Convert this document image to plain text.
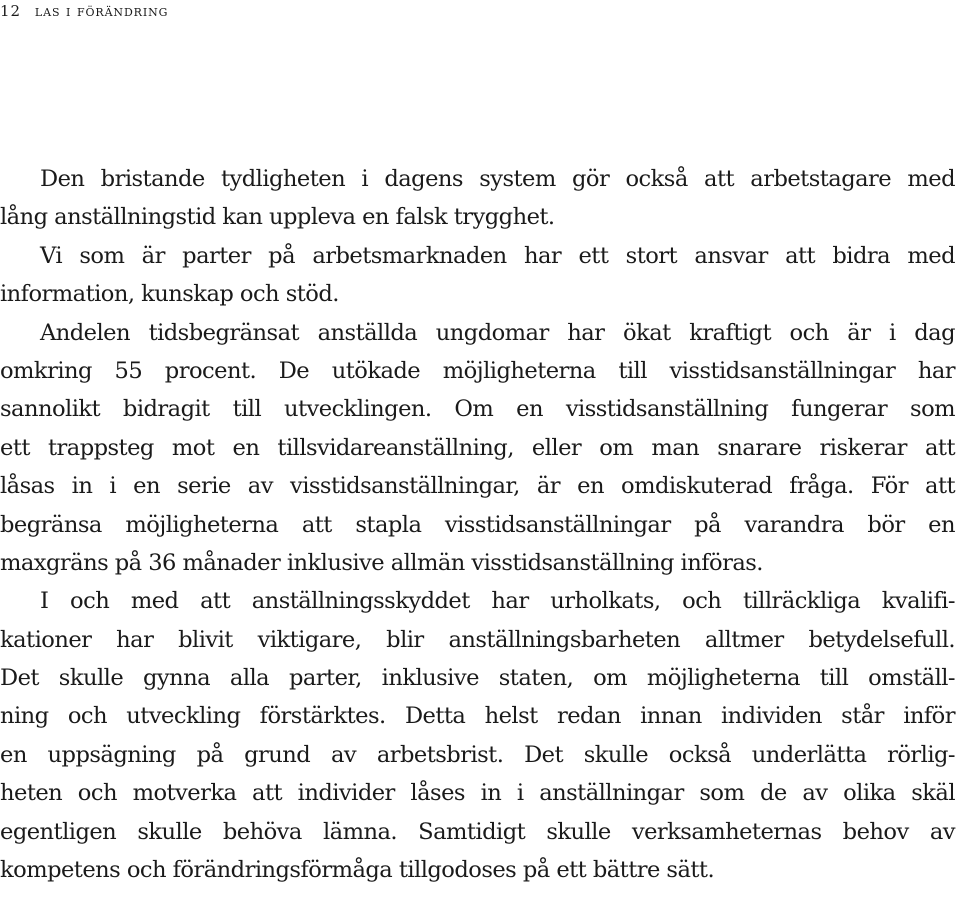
12 las i förändring
Den bristande tydligheten i dagens system gör också att arbetstagare med
lång anställningstid kan uppleva en falsk trygghet.
Vi som är parter på arbetsmarknaden har ett stort ansvar att bidra med
information, kunskap och stöd.
Andelen tidsbegränsat anställda ungdomar har ökat kraftigt och är i dag
omkring 55 procent. De utökade möjligheterna till visstidsanställningar har
sannolikt bidragit till utvecklingen. Om en visstidsanställning fungerar som
ett trappsteg mot en tillsvidareanställning, eller om man snarare riskerar att
låsas in i en serie av visstidsanställningar, är en omdiskuterad fråga. För att
begränsa möjligheterna att stapla visstidsanställningar på varandra bör en
maxgräns på 36 månader inklusive allmän visstidsanställning införas.
I och med att anställningsskyddet har urholkats, och tillräckliga kvalifi-
kationer har blivit viktigare, blir anställningsbarheten alltmer betydelsefull.
Det skulle gynna alla parter, inklusive staten, om möjligheterna till omställ-
ning och utveckling förstärktes. Detta helst redan innan individen står inför
en uppsägning på grund av arbetsbrist. Det skulle också underlätta rörlig-
heten och motverka att individer låses in i anställningar som de av olika skäl
egentligen skulle behöva lämna. Samtidigt skulle verksamheternas behov av
kompetens och förändringsförmåga tillgodoses på ett bättre sätt.
